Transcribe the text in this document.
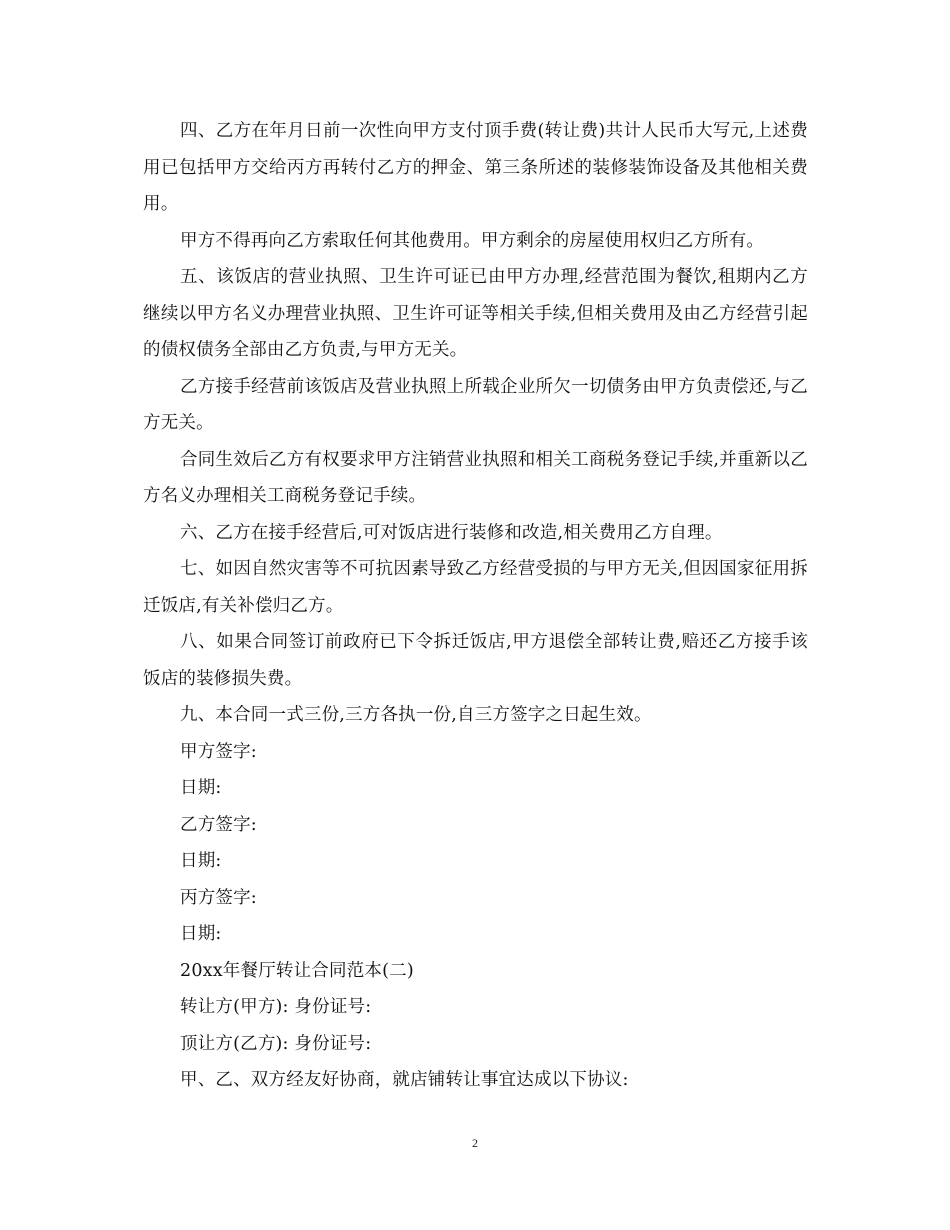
四、乙方在年月日前一次性向甲方支付顶手费(转让费)共计人民币大写元,上述费用已包括甲方交给丙方再转付乙方的押金、第三条所述的装修装饰设备及其他相关费用。

甲方不得再向乙方索取任何其他费用。甲方剩余的房屋使用权归乙方所有。

五、该饭店的营业执照、卫生许可证已由甲方办理,经营范围为餐饮,租期内乙方继续以甲方名义办理营业执照、卫生许可证等相关手续,但相关费用及由乙方经营引起的债权债务全部由乙方负责,与甲方无关。

乙方接手经营前该饭店及营业执照上所载企业所欠一切债务由甲方负责偿还,与乙方无关。

合同生效后乙方有权要求甲方注销营业执照和相关工商税务登记手续,并重新以乙方名义办理相关工商税务登记手续。

六、乙方在接手经营后,可对饭店进行装修和改造,相关费用乙方自理。

七、如因自然灾害等不可抗因素导致乙方经营受损的与甲方无关,但因国家征用拆迁饭店,有关补偿归乙方。

八、如果合同签订前政府已下令拆迁饭店,甲方退偿全部转让费,赔还乙方接手该饭店的装修损失费。

九、本合同一式三份,三方各执一份,自三方签字之日起生效。

甲方签字:

日期:

乙方签字:

日期:

丙方签字:

日期:

20xx年餐厅转让合同范本(二)

转让方(甲方): 身份证号:

顶让方(乙方): 身份证号:

甲、乙、双方经友好协商，就店铺转让事宜达成以下协议:

2
